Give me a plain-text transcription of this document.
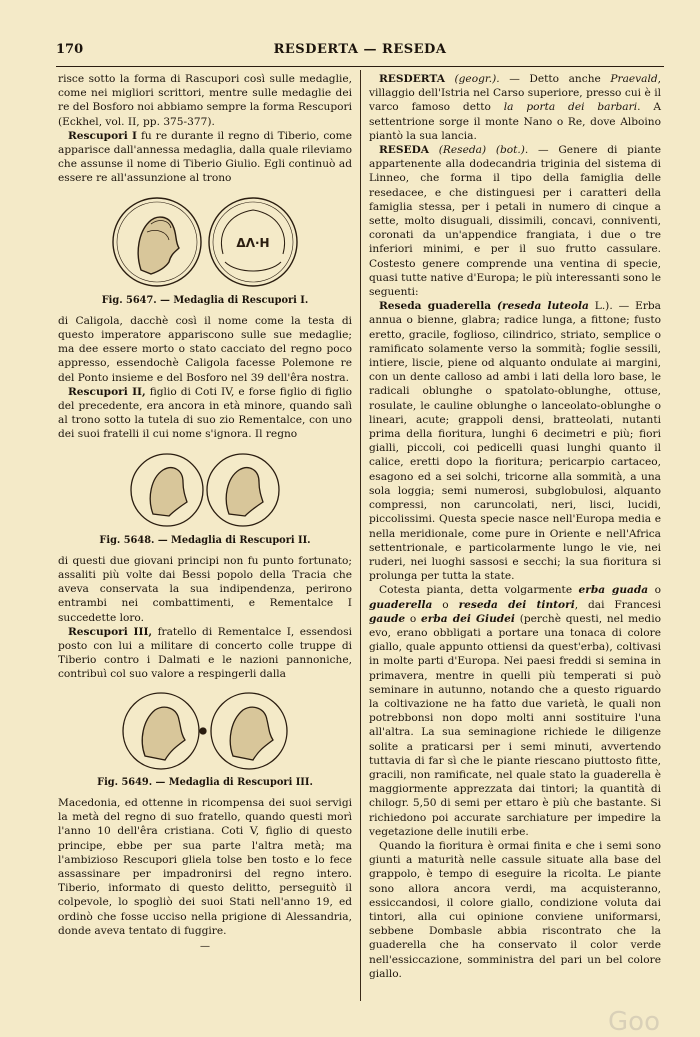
170	RESDERTA — RESEDA

risce sotto la forma di Rascupori così sulle medaglie, come nei migliori scrittori, mentre sulle medaglie dei re del Bosforo noi abbiamo sempre la forma Rescupori (Eckhel, vol. II, pp. 375-377).

Rescupori I fu re durante il regno di Tiberio, come apparisce dall'annessa medaglia, dalla quale rileviamo che assunse il nome di Tiberio Giulio. Egli continuò ad essere re all'assunzione al trono

ΔΛ·Η
Fig. 5647. — Medaglia di Rescupori I.

di Caligola, dacchè così il nome come la testa di questo imperatore appariscono sulle sue medaglie; ma dee essere morto o stato cacciato del regno poco appresso, essendochè Caligola facesse Polemone re del Ponto insieme e del Bosforo nel 39 dell'êra nostra.

Rescupori II, figlio di Coti IV, e forse figlio di figlio del precedente, era ancora in età minore, quando salì al trono sotto la tutela di suo zio Rementalce, con uno dei suoi fratelli il cui nome s'ignora. Il regno

Fig. 5648. — Medaglia di Rescupori II.

di questi due giovani principi non fu punto fortunato; assaliti più volte dai Bessi popolo della Tracia che aveva conservata la sua indipendenza, perirono entrambi nei combattimenti, e Rementalce I succedette loro.

Rescupori III, fratello di Rementalce I, essendosi posto con lui a militare di concerto colle truppe di Tiberio contro i Dalmati e le nazioni pannoniche, contribuì col suo valore a respingerli dalla

Fig. 5649. — Medaglia di Rescupori III.

Macedonia, ed ottenne in ricompensa dei suoi servigi la metà del regno di suo fratello, quando questi morì l'anno 10 dell'êra cristiana. Coti V, figlio di questo principe, ebbe per sua parte l'altra metà; ma l'ambizioso Rescupori gliela tolse ben tosto e lo fece assassinare per impadronirsi del regno intero. Tiberio, informato di questo delitto, perseguitò il colpevole, lo spogliò dei suoi Stati nell'anno 19, ed ordinò che fosse ucciso nella prigione di Alessandria, donde aveva tentato di fuggire.

—

RESDERTA (geogr.). — Detto anche Praevald, villaggio dell'Istria nel Carso superiore, presso cui è il varco famoso detto la porta dei barbari. A settentrione sorge il monte Nano o Re, dove Alboino piantò la sua lancia.

RESEDA (Reseda) (bot.). — Genere di piante appartenente alla dodecandria triginia del sistema di Linneo, che forma il tipo della famiglia delle resedacee, e che distinguesi per i caratteri della famiglia stessa, per i petali in numero di cinque a sette, molto disuguali, dissimili, concavi, conniventi, coronati da un'appendice frangiata, i due o tre inferiori minimi, e per il suo frutto cassulare. Costesto genere comprende una ventina di specie, quasi tutte native d'Europa; le più interessanti sono le seguenti:

Reseda guaderella (reseda luteola L.). — Erba annua o bienne, glabra; radice lunga, a fittone; fusto eretto, gracile, foglioso, cilindrico, striato, semplice o ramificato solamente verso la sommità; foglie sessili, intiere, liscie, piene od alquanto ondulate ai margini, con un dente calloso ad ambi i lati della loro base, le radicali oblunghe o spatolato-oblunghe, ottuse, rosulate, le cauline oblunghe o lanceolato-oblunghe o lineari, acute; grappoli densi, bratteolati, nutanti prima della fioritura, lunghi 6 decimetri e più; fiori gialli, piccoli, coi pedicelli quasi lunghi quanto il calice, eretti dopo la fioritura; pericarpio cartaceo, esagono ed a sei solchi, tricorne alla sommità, a una sola loggia; semi numerosi, subglobulosi, alquanto compressi, non caruncolati, neri, lisci, lucidi, piccolissimi. Questa specie nasce nell'Europa media e nella meridionale, come pure in Oriente e nell'Africa settentrionale, e particolarmente lungo le vie, nei ruderi, nei luoghi sassosi e secchi; la sua fioritura si prolunga per tutta la state.

Cotesta pianta, detta volgarmente erba guada o guaderella o reseda dei tintori, dai Francesi gaude o erba dei Giudei (perchè questi, nel medio evo, erano obbligati a portare una tonaca di colore giallo, quale appunto ottiensi da quest'erba), coltivasi in molte parti d'Europa. Nei paesi freddi si semina in primavera, mentre in quelli più temperati si può seminare in autunno, notando che a questo riguardo la coltivazione ne ha fatto due varietà, le quali non potrebbonsi non dopo molti anni sostituire l'una all'altra. La sua seminagione richiede le diligenze solite a praticarsi per i semi minuti, avvertendo tuttavia di far sì che le piante riescano piuttosto fitte, gracili, non ramificate, nel quale stato la guaderella è maggiormente apprezzata dai tintori; la quantità di chilogr. 5,50 di semi per ettaro è più che bastante. Si richiedono poi accurate sarchiature per impedire la vegetazione delle inutili erbe.

Quando la fioritura è ormai finita e che i semi sono giunti a maturità nelle cassule situate alla base del grappolo, è tempo di eseguire la ricolta. Le piante sono allora ancora verdi, ma acquisteranno, essiccandosi, il colore giallo, condizione voluta dai tintori, alla cui opinione conviene uniformarsi, sebbene Dombasle abbia riscontrato che la guaderella che ha conservato il color verde nell'essiccazione, somministra del pari un bel colore giallo.

Goo
